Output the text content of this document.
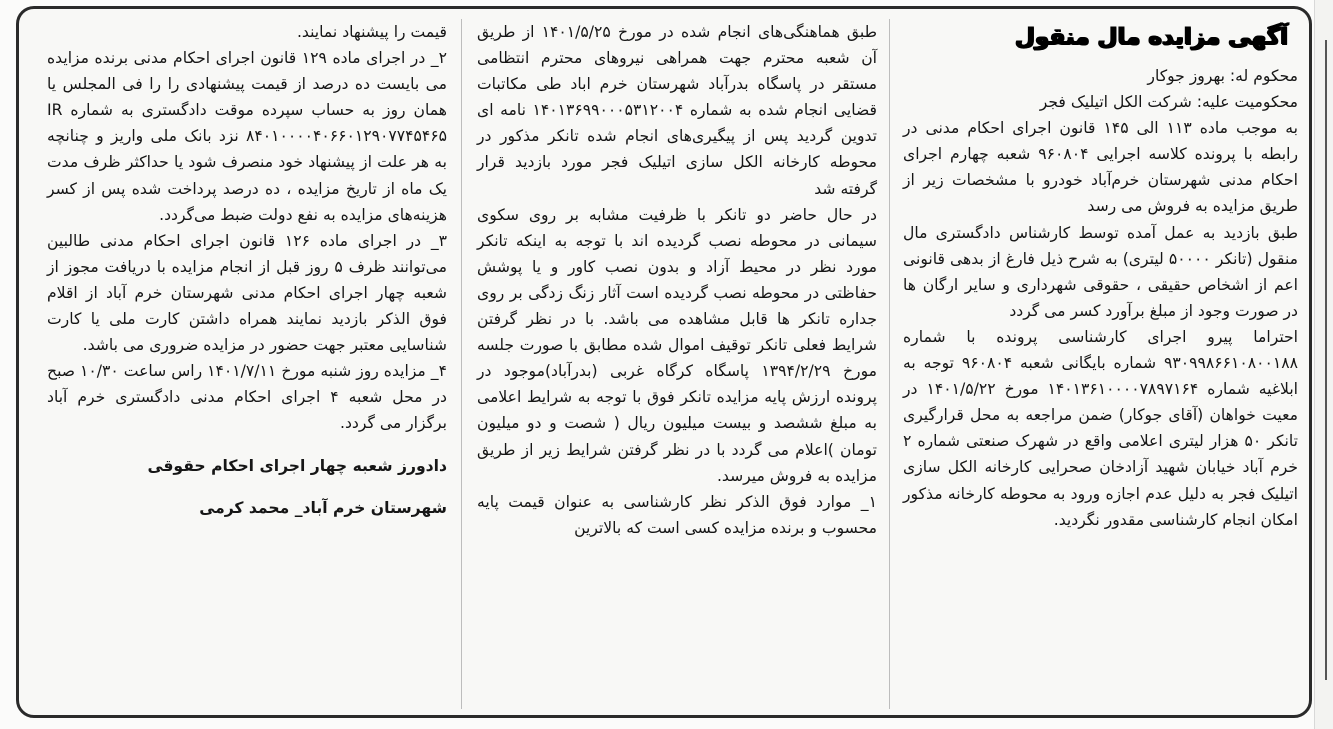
آگهی مزایده مال منقول

محکوم له: بهروز جوکار

محکومیت علیه: شرکت الکل اتیلیک فجر

به موجب ماده ۱۱۳ الی ۱۴۵ قانون اجرای احکام مدنی در رابطه با پرونده کلاسه اجرایی ۹۶۰۸۰۴ شعبه چهارم اجرای احکام مدنی شهرستان خرم‌آباد خودرو با مشخصات زیر از طریق مزایده به فروش می رسد

طبق بازدید به عمل آمده توسط کارشناس دادگستری مال منقول (تانکر ۵۰۰۰۰ لیتری) به شرح ذیل فارغ از بدهی قانونی اعم از اشخاص حقیقی ، حقوقی شهرداری و سایر ارگان ها در صورت وجود از مبلغ برآورد کسر می گردد

احتراما پیرو اجرای کارشناسی پرونده با شماره ۹۳۰۹۹۸۶۶۱۰۸۰۰۱۸۸ شماره بایگانی شعبه ۹۶۰۸۰۴ توجه به ابلاغیه شماره ۱۴۰۱۳۶۱۰۰۰۰۷۸۹۷۱۶۴ مورخ ۱۴۰۱/۵/۲۲ در معیت خواهان (آقای جوکار) ضمن مراجعه به محل قرارگیری تانکر ۵۰ هزار لیتری اعلامی واقع در شهرک صنعتی شماره ۲ خرم آباد خیابان شهید آزادخان صحرایی کارخانه الکل سازی اتیلیک فجر به دلیل عدم اجازه ورود به محوطه کارخانه مذکور امکان انجام کارشناسی مقدور نگردید.

طبق هماهنگی‌های انجام شده در مورخ ۱۴۰۱/۵/۲۵ از طریق آن شعبه محترم جهت همراهی نیروهای محترم انتظامی مستقر در پاسگاه بدرآباد شهرستان خرم اباد طی مکاتبات قضایی انجام شده به شماره ۱۴۰۱۳۶۹۹۰۰۰۵۳۱۲۰۰۴ نامه ای تدوین گردید پس از پیگیری‌های انجام شده تانکر مذکور در محوطه کارخانه الکل سازی اتیلیک فجر مورد بازدید قرار گرفته شد

در حال حاضر دو تانکر با ظرفیت مشابه بر روی سکوی سیمانی در محوطه نصب گردیده اند با توجه به اینکه تانکر مورد نظر در محیط آزاد و بدون نصب کاور و یا پوشش حفاظتی در محوطه نصب گردیده است آثار زنگ زدگی بر روی جداره تانکر ها قابل مشاهده می باشد. با در نظر گرفتن شرایط فعلی تانکر توقیف اموال شده مطابق با صورت جلسه مورخ ۱۳۹۴/۲/۲۹ پاسگاه کرگاه غربی (بدرآباد)موجود در پرونده ارزش پایه مزایده تانکر فوق با توجه به شرایط اعلامی به مبلغ ششصد و بیست میلیون ریال ( شصت و دو میلیون تومان )اعلام می گردد با در نظر گرفتن شرایط زیر از طریق مزایده به فروش میرسد.

۱_ موارد فوق الذکر نظر کارشناسی به عنوان قیمت پایه محسوب و برنده مزایده کسی است که بالاترین

قیمت را پیشنهاد نمایند.

۲_ در اجرای ماده ۱۲۹ قانون اجرای احکام مدنی برنده مزایده می بایست ده درصد از قیمت پیشنهادی را را فی المجلس یا همان روز به حساب سپرده موقت دادگستری به شماره IR ۸۴۰۱۰۰۰۰۴۰۶۶۰۱۲۹۰۷۷۴۵۴۶۵ نزد بانک ملی واریز و چنانچه به هر علت از پیشنهاد خود منصرف شود یا حداکثر ظرف مدت یک ماه از تاریخ مزایده ، ده درصد پرداخت شده پس از کسر هزینه‌های مزایده به نفع دولت ضبط می‌گردد.

۳_ در اجرای ماده ۱۲۶ قانون اجرای احکام مدنی طالبین می‌توانند ظرف ۵ روز قبل از انجام مزایده با دریافت مجوز از شعبه چهار اجرای احکام مدنی شهرستان خرم آباد از اقلام فوق الذکر بازدید نمایند همراه داشتن کارت ملی یا کارت شناسایی معتبر جهت حضور در مزایده ضروری می باشد.

۴_ مزایده روز شنبه مورخ ۱۴۰۱/۷/۱۱ راس ساعت ۱۰/۳۰ صبح در محل شعبه ۴ اجرای احکام مدنی دادگستری خرم آباد برگزار می گردد.

دادورز شعبه چهار اجرای احکام حقوقی
شهرستان خرم آباد_ محمد کرمی
